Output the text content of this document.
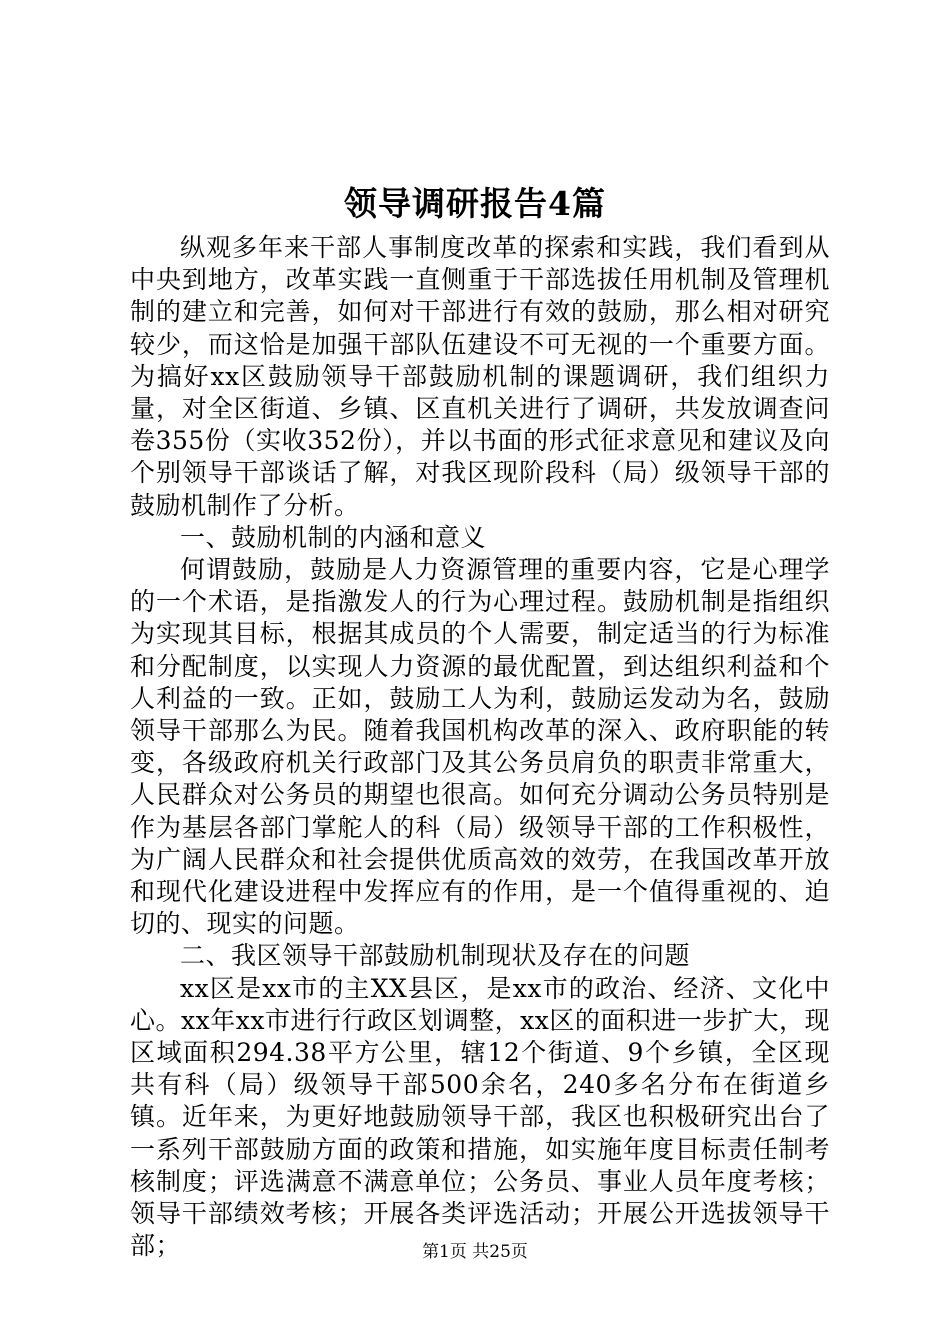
领导调研报告4篇

纵观多年来干部人事制度改革的探索和实践，我们看到从中央到地方，改革实践一直侧重于干部选拔任用机制及管理机制的建立和完善，如何对干部进行有效的鼓励，那么相对研究较少，而这恰是加强干部队伍建设不可无视的一个重要方面。为搞好xx区鼓励领导干部鼓励机制的课题调研，我们组织力量，对全区街道、乡镇、区直机关进行了调研，共发放调查问卷355份（实收352份），并以书面的形式征求意见和建议及向个别领导干部谈话了解，对我区现阶段科（局）级领导干部的鼓励机制作了分析。

一、鼓励机制的内涵和意义

何谓鼓励，鼓励是人力资源管理的重要内容，它是心理学的一个术语，是指激发人的行为心理过程。鼓励机制是指组织为实现其目标，根据其成员的个人需要，制定适当的行为标准和分配制度，以实现人力资源的最优配置，到达组织利益和个人利益的一致。正如，鼓励工人为利，鼓励运发动为名，鼓励领导干部那么为民。随着我国机构改革的深入、政府职能的转变，各级政府机关行政部门及其公务员肩负的职责非常重大，人民群众对公务员的期望也很高。如何充分调动公务员特别是作为基层各部门掌舵人的科（局）级领导干部的工作积极性，为广阔人民群众和社会提供优质高效的效劳，在我国改革开放和现代化建设进程中发挥应有的作用，是一个值得重视的、迫切的、现实的问题。

二、我区领导干部鼓励机制现状及存在的问题

xx区是xx市的主XX县区，是xx市的政治、经济、文化中心。xx年xx市进行行政区划调整，xx区的面积进一步扩大，现区域面积294.38平方公里，辖12个街道、9个乡镇，全区现共有科（局）级领导干部500余名，240多名分布在街道乡镇。近年来，为更好地鼓励领导干部，我区也积极研究出台了一系列干部鼓励方面的政策和措施，如实施年度目标责任制考核制度；评选满意不满意单位；公务员、事业人员年度考核；领导干部绩效考核；开展各类评选活动；开展公开选拔领导干部；	第1页 共25页
